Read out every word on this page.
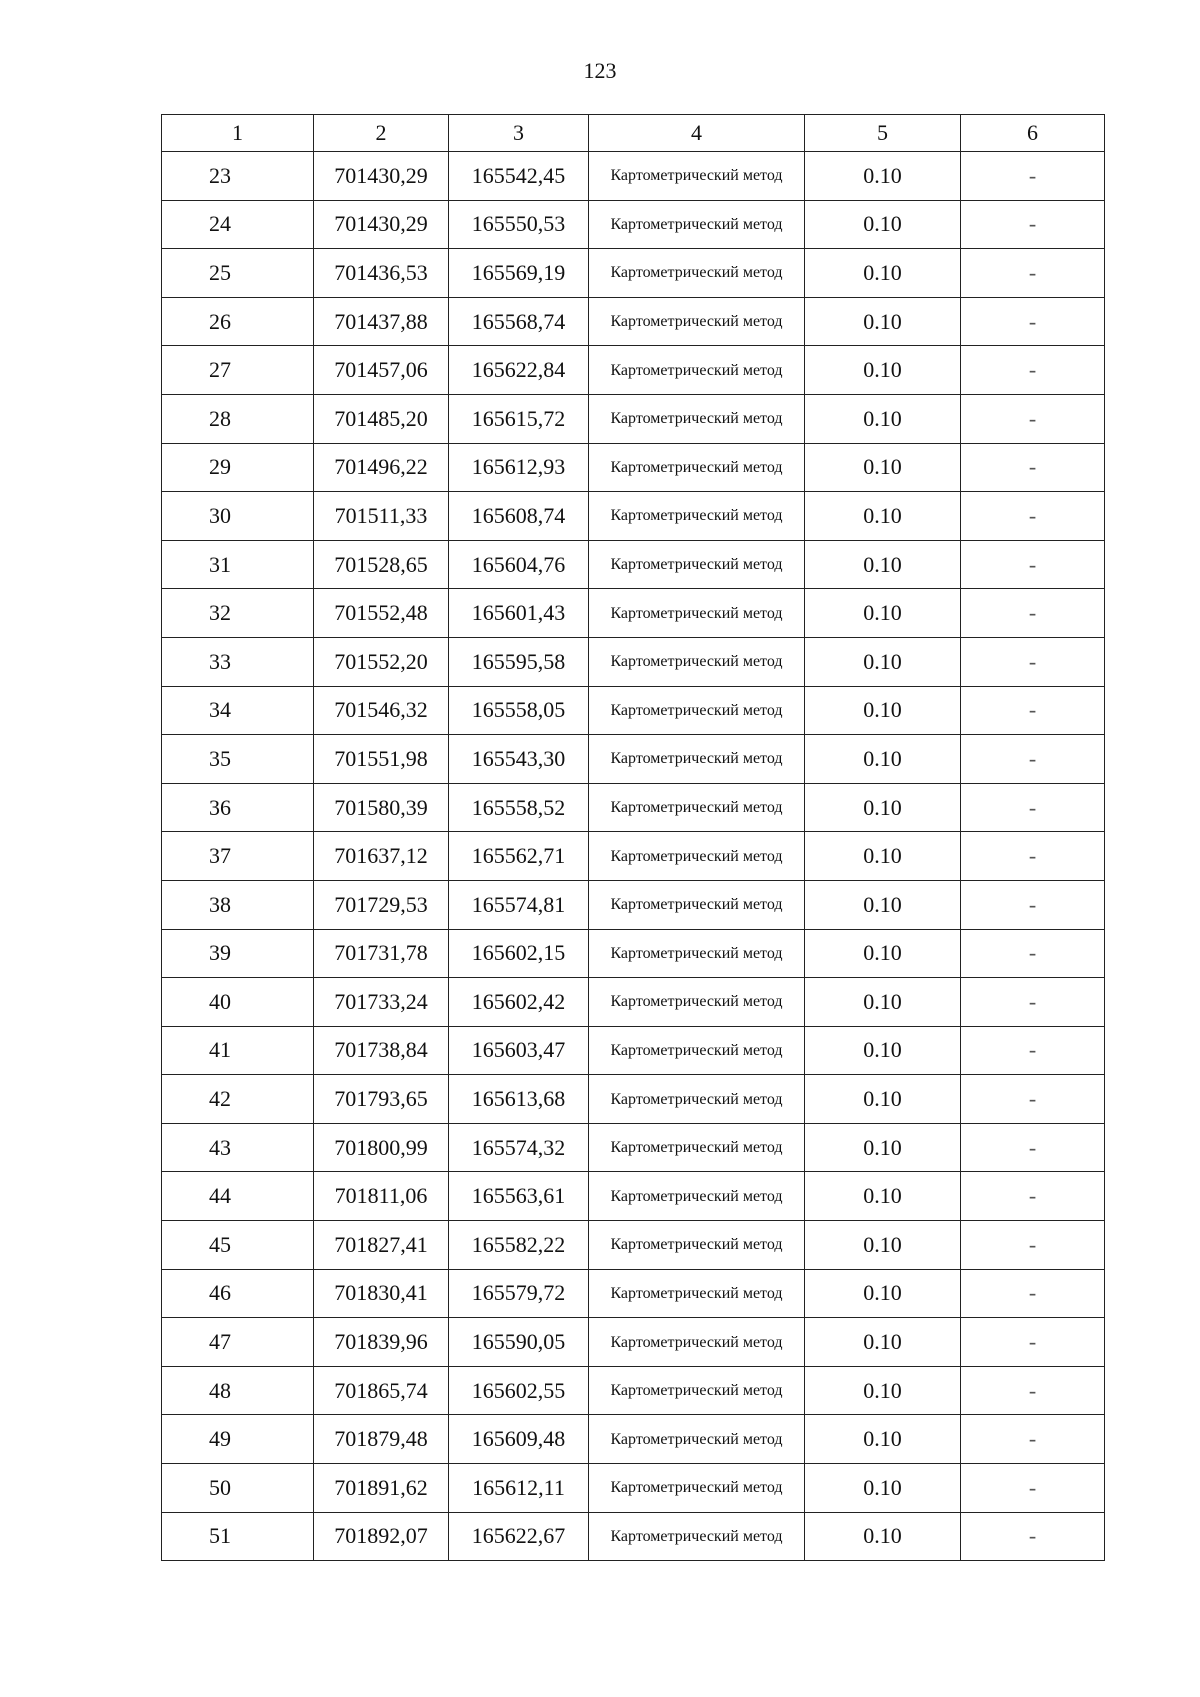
123
1	2	3	4	5	6
23	701430,29	165542,45	Картометрический метод	0.10	-
24	701430,29	165550,53	Картометрический метод	0.10	-
25	701436,53	165569,19	Картометрический метод	0.10	-
26	701437,88	165568,74	Картометрический метод	0.10	-
27	701457,06	165622,84	Картометрический метод	0.10	-
28	701485,20	165615,72	Картометрический метод	0.10	-
29	701496,22	165612,93	Картометрический метод	0.10	-
30	701511,33	165608,74	Картометрический метод	0.10	-
31	701528,65	165604,76	Картометрический метод	0.10	-
32	701552,48	165601,43	Картометрический метод	0.10	-
33	701552,20	165595,58	Картометрический метод	0.10	-
34	701546,32	165558,05	Картометрический метод	0.10	-
35	701551,98	165543,30	Картометрический метод	0.10	-
36	701580,39	165558,52	Картометрический метод	0.10	-
37	701637,12	165562,71	Картометрический метод	0.10	-
38	701729,53	165574,81	Картометрический метод	0.10	-
39	701731,78	165602,15	Картометрический метод	0.10	-
40	701733,24	165602,42	Картометрический метод	0.10	-
41	701738,84	165603,47	Картометрический метод	0.10	-
42	701793,65	165613,68	Картометрический метод	0.10	-
43	701800,99	165574,32	Картометрический метод	0.10	-
44	701811,06	165563,61	Картометрический метод	0.10	-
45	701827,41	165582,22	Картометрический метод	0.10	-
46	701830,41	165579,72	Картометрический метод	0.10	-
47	701839,96	165590,05	Картометрический метод	0.10	-
48	701865,74	165602,55	Картометрический метод	0.10	-
49	701879,48	165609,48	Картометрический метод	0.10	-
50	701891,62	165612,11	Картометрический метод	0.10	-
51	701892,07	165622,67	Картометрический метод	0.10	-
